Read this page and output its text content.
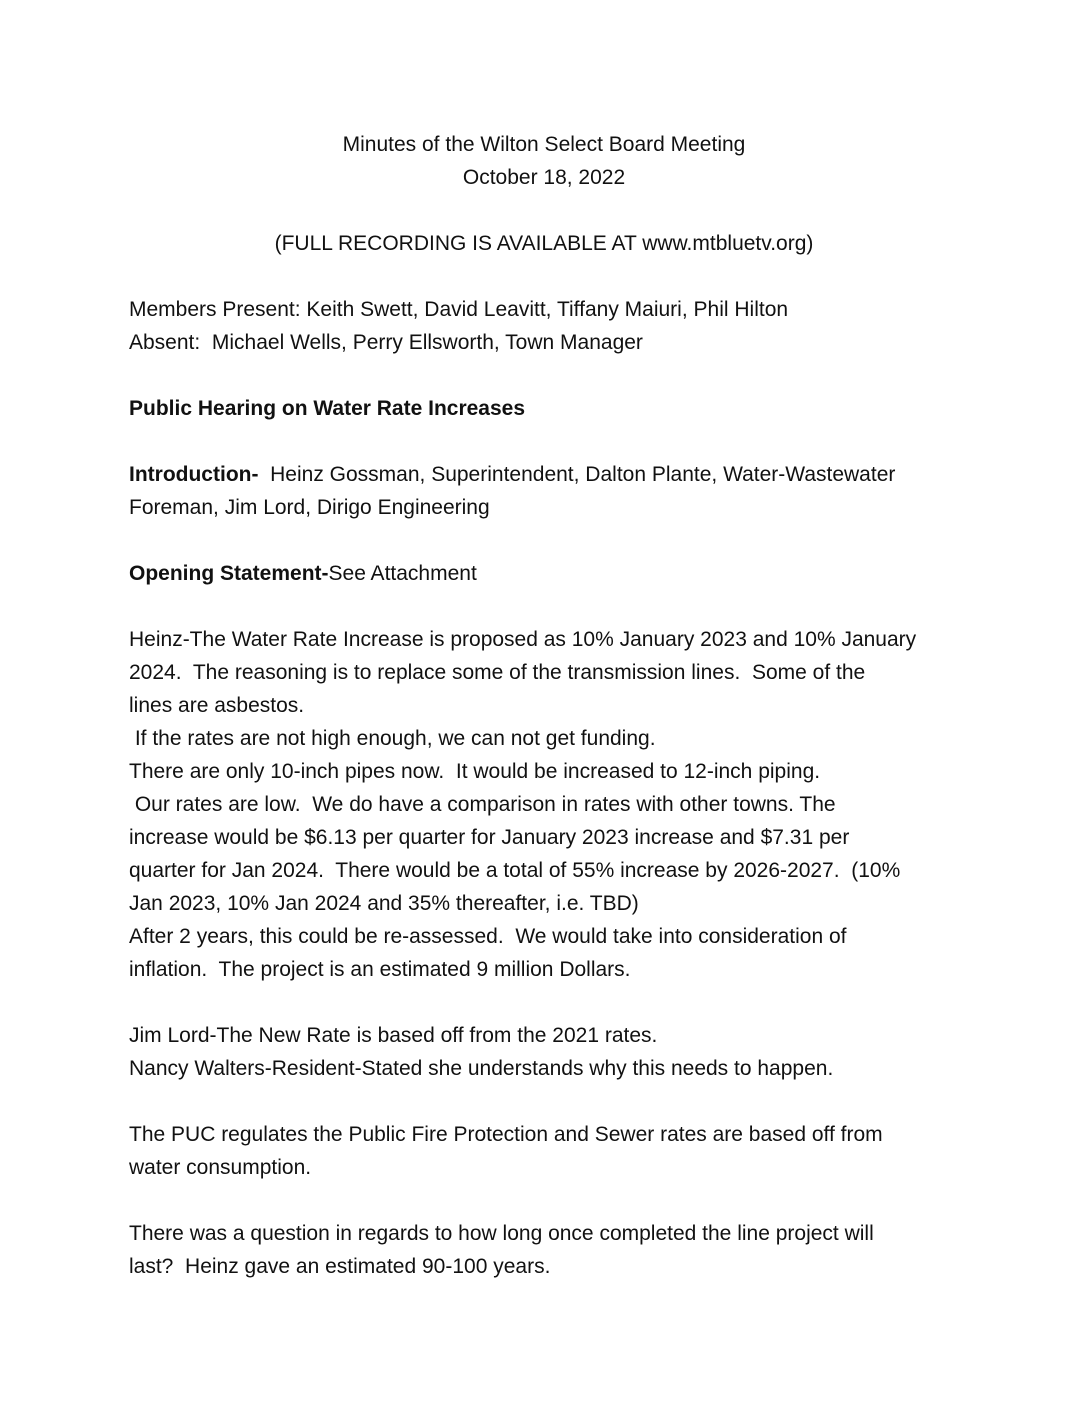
Minutes of the Wilton Select Board Meeting
October 18, 2022
(FULL RECORDING IS AVAILABLE AT www.mtbluetv.org)
Members Present: Keith Swett, David Leavitt, Tiffany Maiuri, Phil Hilton
Absent:  Michael Wells, Perry Ellsworth, Town Manager
Public Hearing on Water Rate Increases
Introduction-  Heinz Gossman, Superintendent, Dalton Plante, Water-Wastewater
Foreman, Jim Lord, Dirigo Engineering
Opening Statement-See Attachment
Heinz-The Water Rate Increase is proposed as 10% January 2023 and 10% January
2024.  The reasoning is to replace some of the transmission lines.  Some of the
lines are asbestos.
If the rates are not high enough, we can not get funding.
There are only 10-inch pipes now.  It would be increased to 12-inch piping.
Our rates are low.  We do have a comparison in rates with other towns. The
increase would be $6.13 per quarter for January 2023 increase and $7.31 per
quarter for Jan 2024.  There would be a total of 55% increase by 2026-2027.  (10%
Jan 2023, 10% Jan 2024 and 35% thereafter, i.e. TBD)
After 2 years, this could be re-assessed.  We would take into consideration of
inflation.  The project is an estimated 9 million Dollars.
Jim Lord-The New Rate is based off from the 2021 rates.
Nancy Walters-Resident-Stated she understands why this needs to happen.
The PUC regulates the Public Fire Protection and Sewer rates are based off from
water consumption.
There was a question in regards to how long once completed the line project will
last?  Heinz gave an estimated 90-100 years.
